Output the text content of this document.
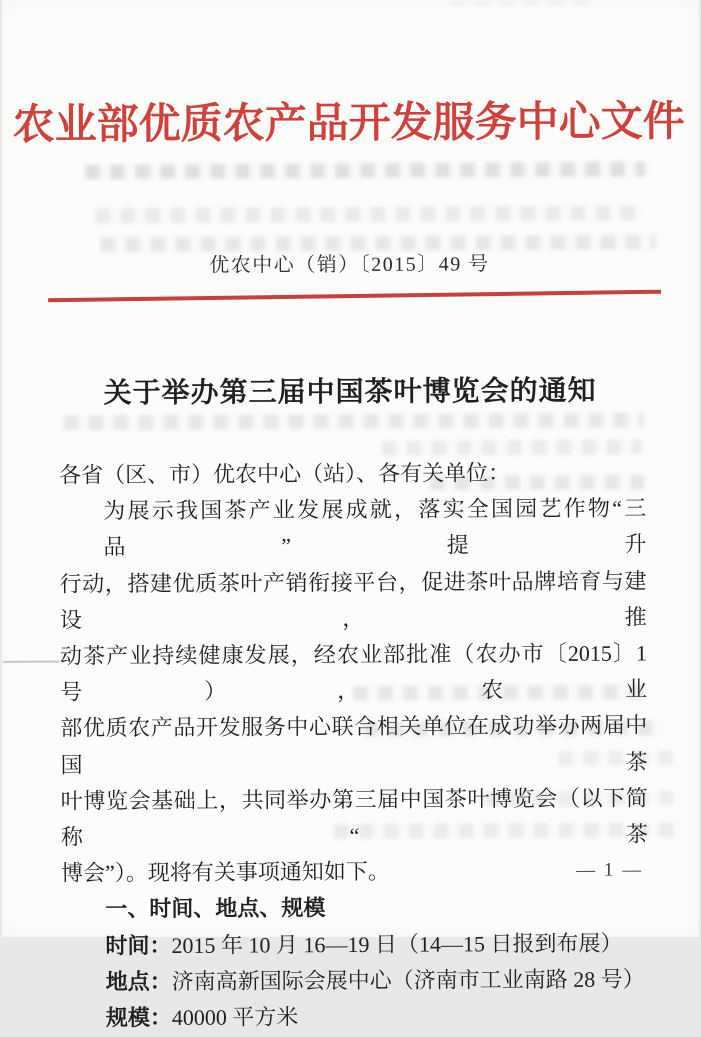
农业部优质农产品开发服务中心文件
优农中心（销）〔2015〕49 号
关于举办第三届中国茶叶博览会的通知

各省（区、市）优农中心（站）、各有关单位：

为展示我国茶产业发展成就，落实全国园艺作物“三品”提升
行动，搭建优质茶叶产销衔接平台，促进茶叶品牌培育与建设，推
动茶产业持续健康发展，经农业部批准（农办市〔2015〕1 号），农业
部优质农产品开发服务中心联合相关单位在成功举办两届中国茶
叶博览会基础上，共同举办第三届中国茶叶博览会（以下简称“茶
博会”）。现将有关事项通知如下。
一、时间、地点、规模
时间：2015 年 10 月 16—19 日（14—15 日报到布展）
地点：济南高新国际会展中心（济南市工业南路 28 号）
规模：40000 平方米
— 1 —
